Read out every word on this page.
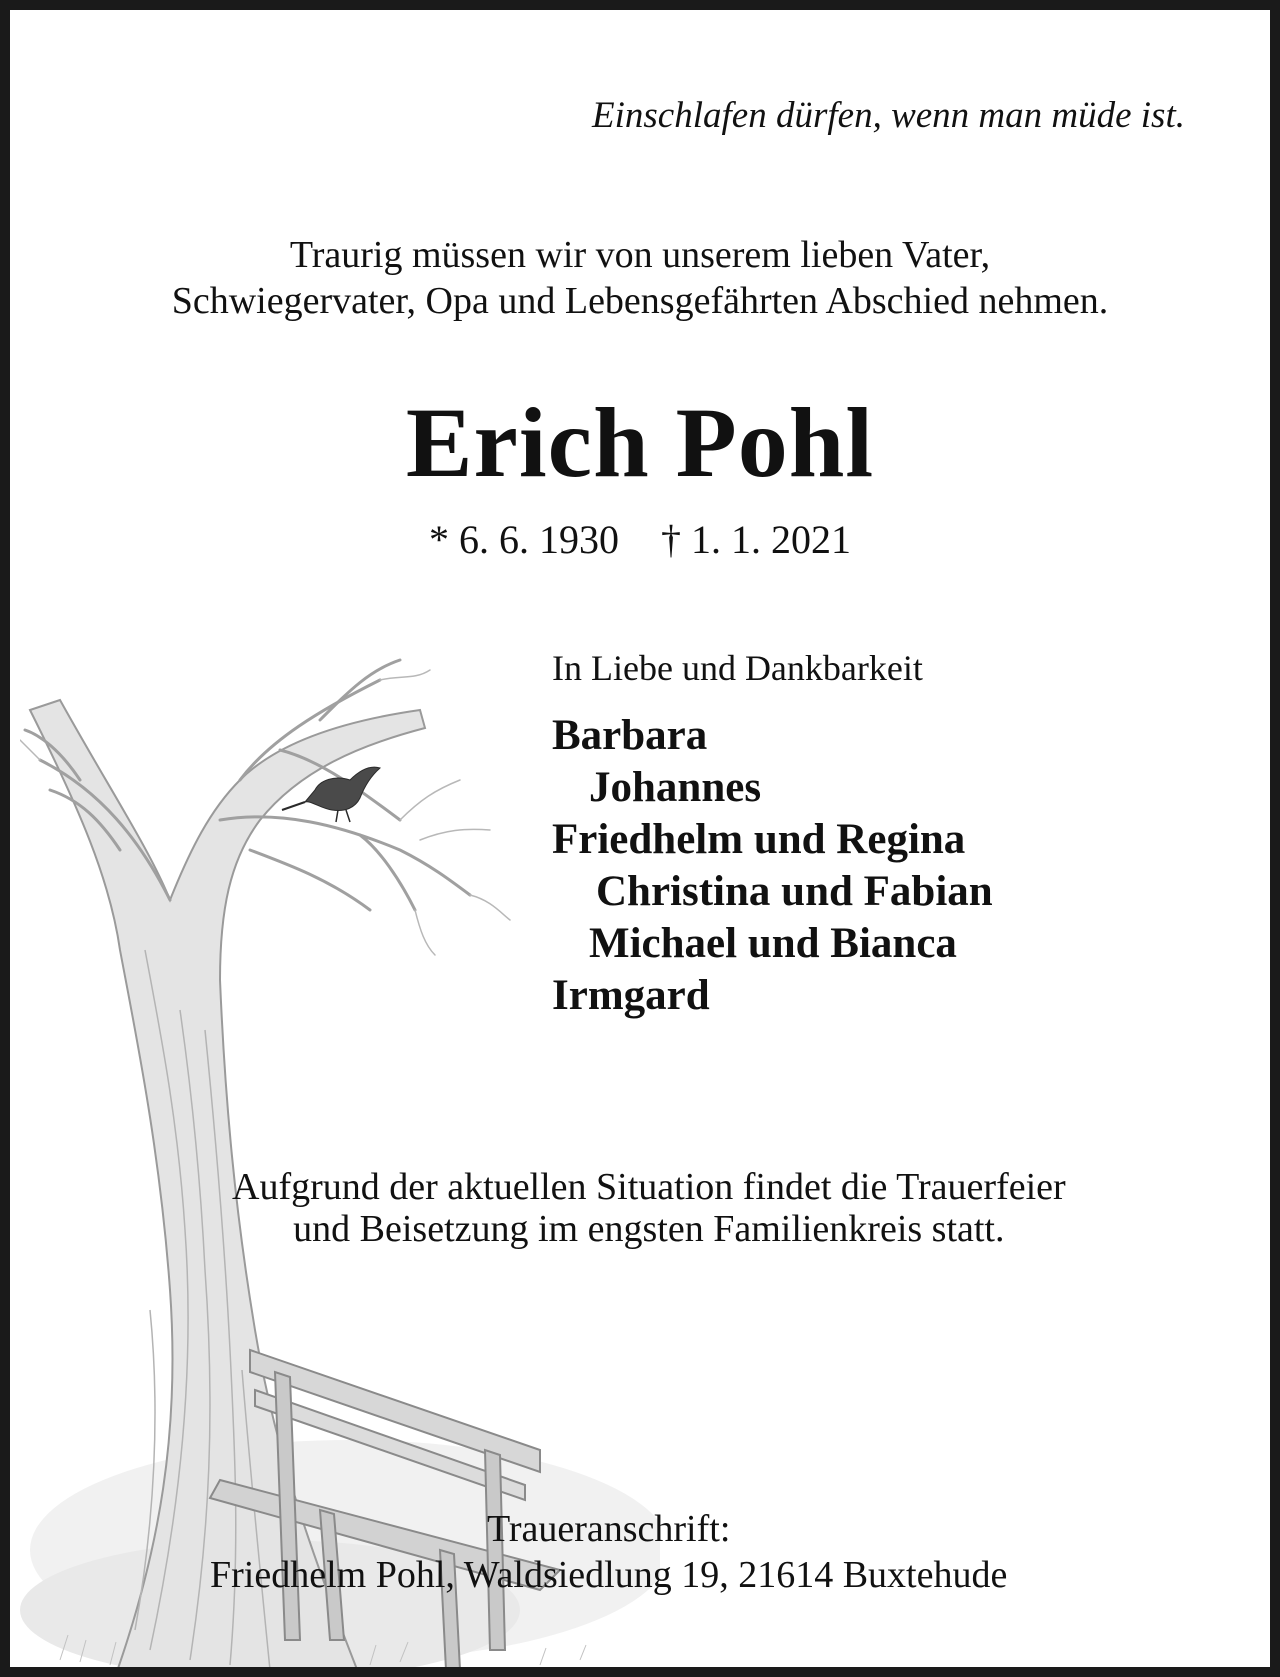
Einschlafen dürfen, wenn man müde ist.
Traurig müssen wir von unserem lieben Vater,
Schwiegervater, Opa und Lebensgefährten Abschied nehmen.
Erich Pohl
* 6. 6. 1930 † 1. 1. 2021
In Liebe und Dankbarkeit
Barbara
Johannes
Friedhelm und Regina
Christina und Fabian
Michael und Bianca
Irmgard
Aufgrund der aktuellen Situation findet die Trauerfeier
und Beisetzung im engsten Familienkreis statt.
Traueranschrift:
Friedhelm Pohl, Waldsiedlung 19, 21614 Buxtehude
